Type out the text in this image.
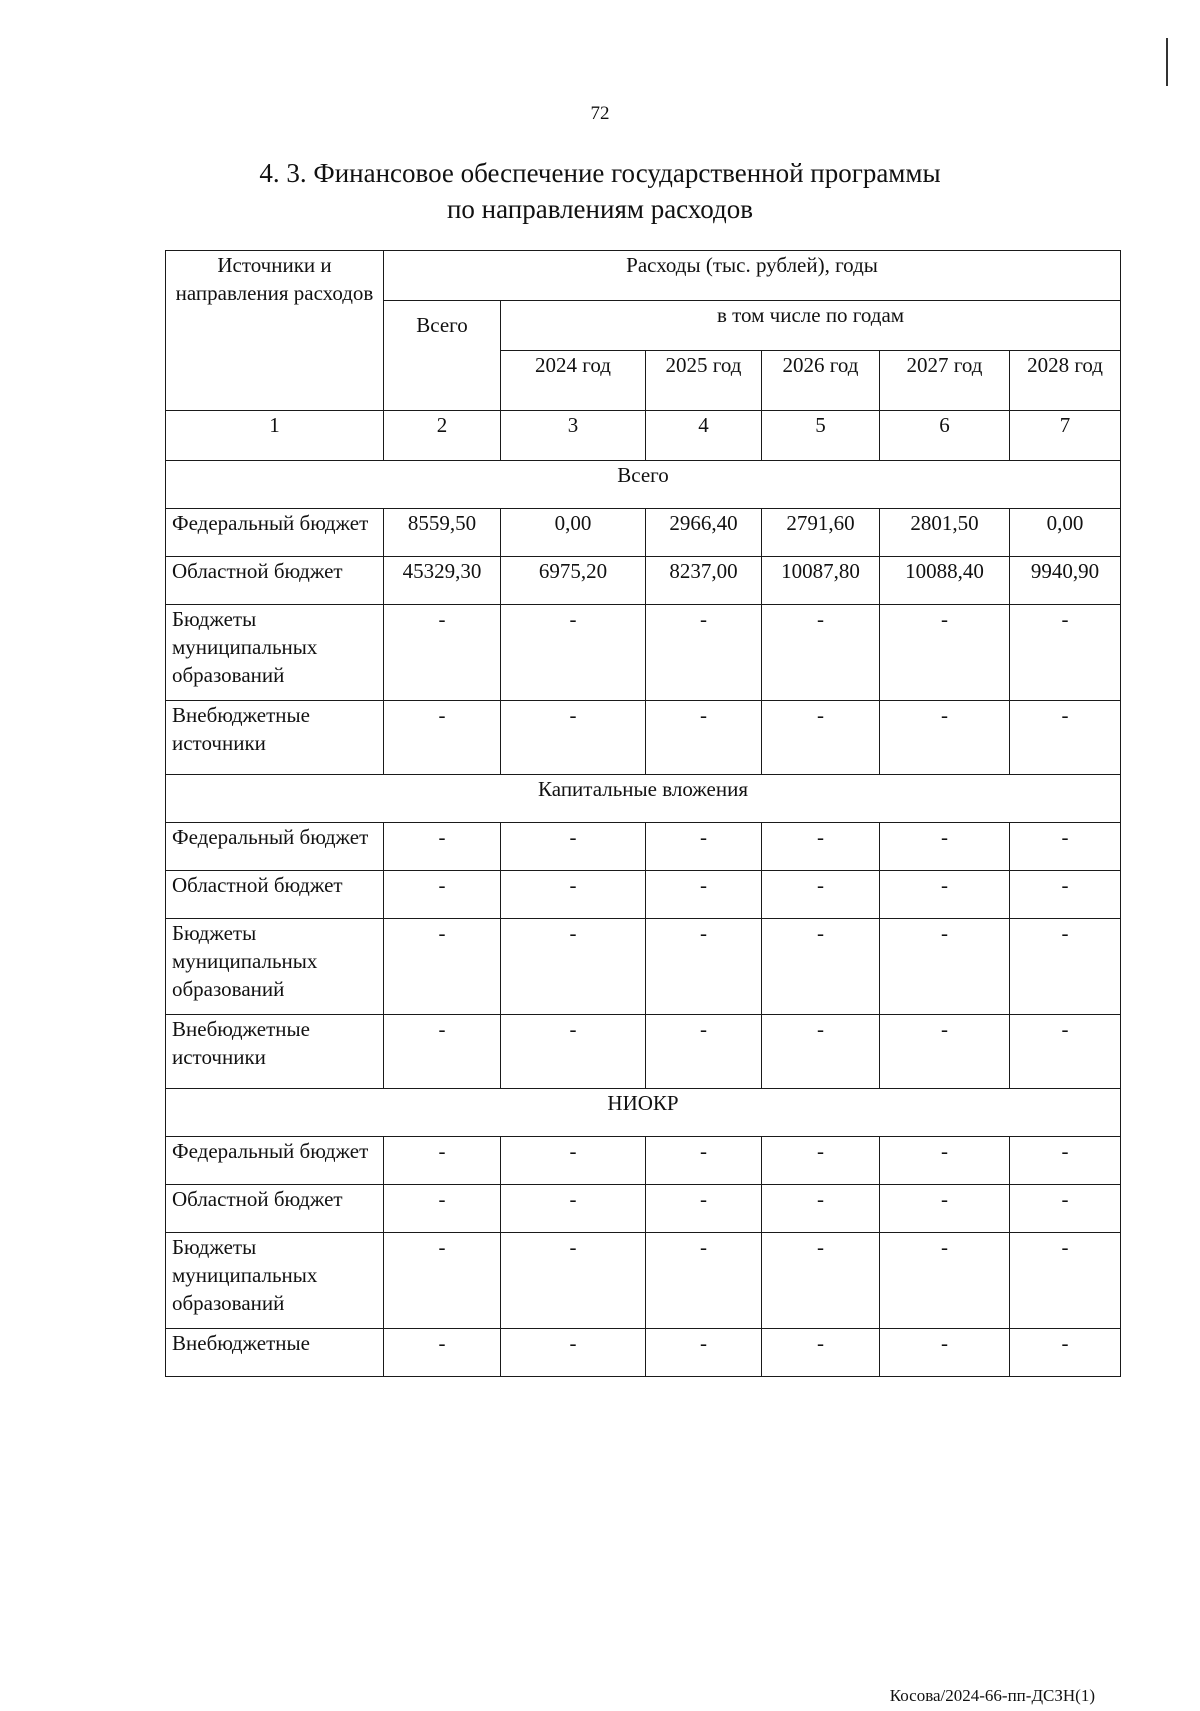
72
4. 3. Финансовое обеспечение государственной программы
по направлениям расходов
Источники и направления расходов	Расходы (тыс. рублей), годы					
	Всего	в том числе по годам				
		2024 год	2025 год	2026 год	2027 год	2028 год
1	2	3	4	5	6	7
Всего						
Федеральный бюджет	8559,50	0,00	2966,40	2791,60	2801,50	0,00
Областной бюджет	45329,30	6975,20	8237,00	10087,80	10088,40	9940,90
Бюджеты муниципальных образований	-	-	-	-	-	-
Внебюджетные источники	-	-	-	-	-	-
Капитальные вложения						
Федеральный бюджет	-	-	-	-	-	-
Областной бюджет	-	-	-	-	-	-
Бюджеты муниципальных образований	-	-	-	-	-	-
Внебюджетные источники	-	-	-	-	-	-
НИОКР						
Федеральный бюджет	-	-	-	-	-	-
Областной бюджет	-	-	-	-	-	-
Бюджеты муниципальных образований	-	-	-	-	-	-
Внебюджетные	-	-	-	-	-	-
Косова/2024-66-пп-ДСЗН(1)
